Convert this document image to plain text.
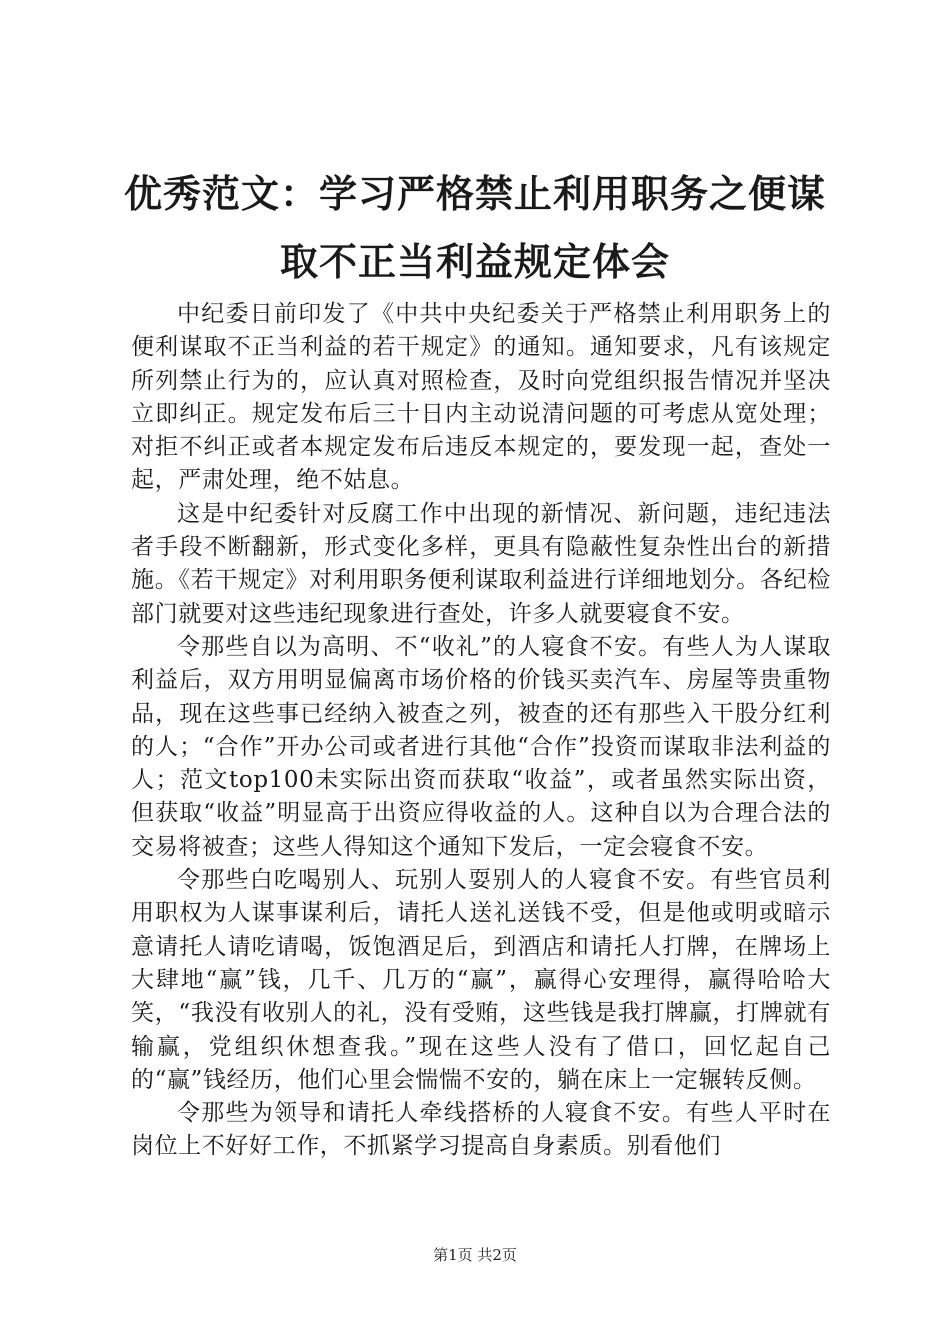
优秀范文：学习严格禁止利用职务之便谋取不正当利益规定体会

中纪委日前印发了《中共中央纪委关于严格禁止利用职务上的便利谋取不正当利益的若干规定》的通知。通知要求，凡有该规定所列禁止行为的，应认真对照检查，及时向党组织报告情况并坚决立即纠正。规定发布后三十日内主动说清问题的可考虑从宽处理；对拒不纠正或者本规定发布后违反本规定的，要发现一起，查处一起，严肃处理，绝不姑息。

这是中纪委针对反腐工作中出现的新情况、新问题，违纪违法者手段不断翻新，形式变化多样，更具有隐蔽性复杂性出台的新措施。《若干规定》对利用职务便利谋取利益进行详细地划分。各纪检部门就要对这些违纪现象进行查处，许多人就要寝食不安。

令那些自以为高明、不“收礼”的人寝食不安。有些人为人谋取利益后，双方用明显偏离市场价格的价钱买卖汽车、房屋等贵重物品，现在这些事已经纳入被查之列，被查的还有那些入干股分红利的人；“合作”开办公司或者进行其他“合作”投资而谋取非法利益的人；范文top100未实际出资而获取“收益”，或者虽然实际出资，但获取“收益”明显高于出资应得收益的人。这种自以为合理合法的交易将被查；这些人得知这个通知下发后，一定会寝食不安。

令那些白吃喝别人、玩别人耍别人的人寝食不安。有些官员利用职权为人谋事谋利后，请托人送礼送钱不受，但是他或明或暗示意请托人请吃请喝，饭饱酒足后，到酒店和请托人打牌，在牌场上大肆地“赢”钱，几千、几万的“赢”，赢得心安理得，赢得哈哈大笑，“我没有收别人的礼，没有受贿，这些钱是我打牌赢，打牌就有输赢，党组织休想查我。”现在这些人没有了借口，回忆起自己的“赢”钱经历，他们心里会惴惴不安的，躺在床上一定辗转反侧。

令那些为领导和请托人牵线搭桥的人寝食不安。有些人平时在岗位上不好好工作，不抓紧学习提高自身素质。别看他们

第1页 共2页
